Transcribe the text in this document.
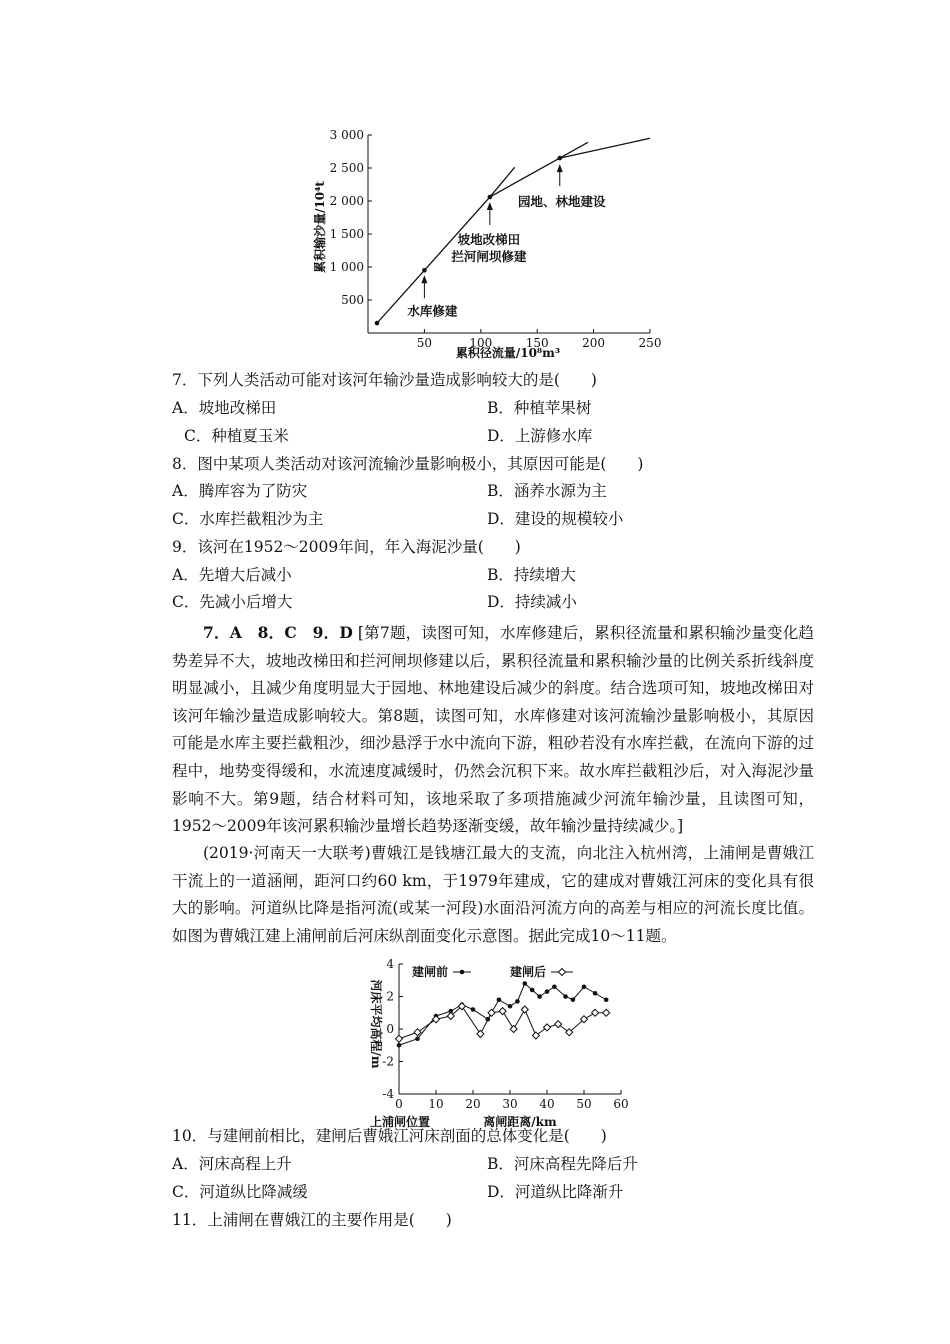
累积输沙量/10⁴t
500
1 000
1 500
2 000
2 500
3 000
50	100	150	200	250
水库修建
坡地改梯田
拦河闸坝修建
园地、林地建设
累积径流量/10⁸m³
7．下列人类活动可能对该河年输沙量造成影响较大的是(　　)
A．坡地改梯田	B．种植苹果树
C．种植夏玉米	D．上游修水库
8．图中某项人类活动对该河流输沙量影响极小，其原因可能是(　　)
A．腾库容为了防灾	B．涵养水源为主
C．水库拦截粗沙为主	D．建设的规模较小
9．该河在1952～2009年间，年入海泥沙量(　　)
A．先增大后减小	B．持续增大
C．先减小后增大	D．持续减小

7．A　8．C　9．D [第7题，读图可知，水库修建后，累积径流量和累积输沙量变化趋势差异不大，坡地改梯田和拦河闸坝修建以后，累积径流量和累积输沙量的比例关系折线斜度明显减小，且减少角度明显大于园地、林地建设后减少的斜度。结合选项可知，坡地改梯田对该河年输沙量造成影响较大。第8题，读图可知，水库修建对该河流输沙量影响极小，其原因可能是水库主要拦截粗沙，细沙悬浮于水中流向下游，粗砂若没有水库拦截，在流向下游的过程中，地势变得缓和，水流速度减缓时，仍然会沉积下来。故水库拦截粗沙后，对入海泥沙量影响不大。第9题，结合材料可知，该地采取了多项措施减少河流年输沙量，且读图可知，1952～2009年该河累积输沙量增长趋势逐渐变缓，故年输沙量持续减少。]

(2019·河南天一大联考)曹娥江是钱塘江最大的支流，向北注入杭州湾，上浦闸是曹娥江干流上的一道涵闸，距河口约60 km，于1979年建成，它的建成对曹娥江河床的变化具有很大的影响。河道纵比降是指河流(或某一河段)水面沿河流方向的高差与相应的河流长度比值。如图为曹娥江建上浦闸前后河床纵剖面变化示意图。据此完成10～11题。

河床平均高程/m
-4
-2
0
2
4
0 10 20 30 40 50 60
建闸前	建闸后
上浦闸位置	离闸距离/km
10．与建闸前相比，建闸后曹娥江河床剖面的总体变化是(　　)
A．河床高程上升	B．河床高程先降后升
C．河道纵比降减缓	D．河道纵比降渐升
11．上浦闸在曹娥江的主要作用是(　　)
